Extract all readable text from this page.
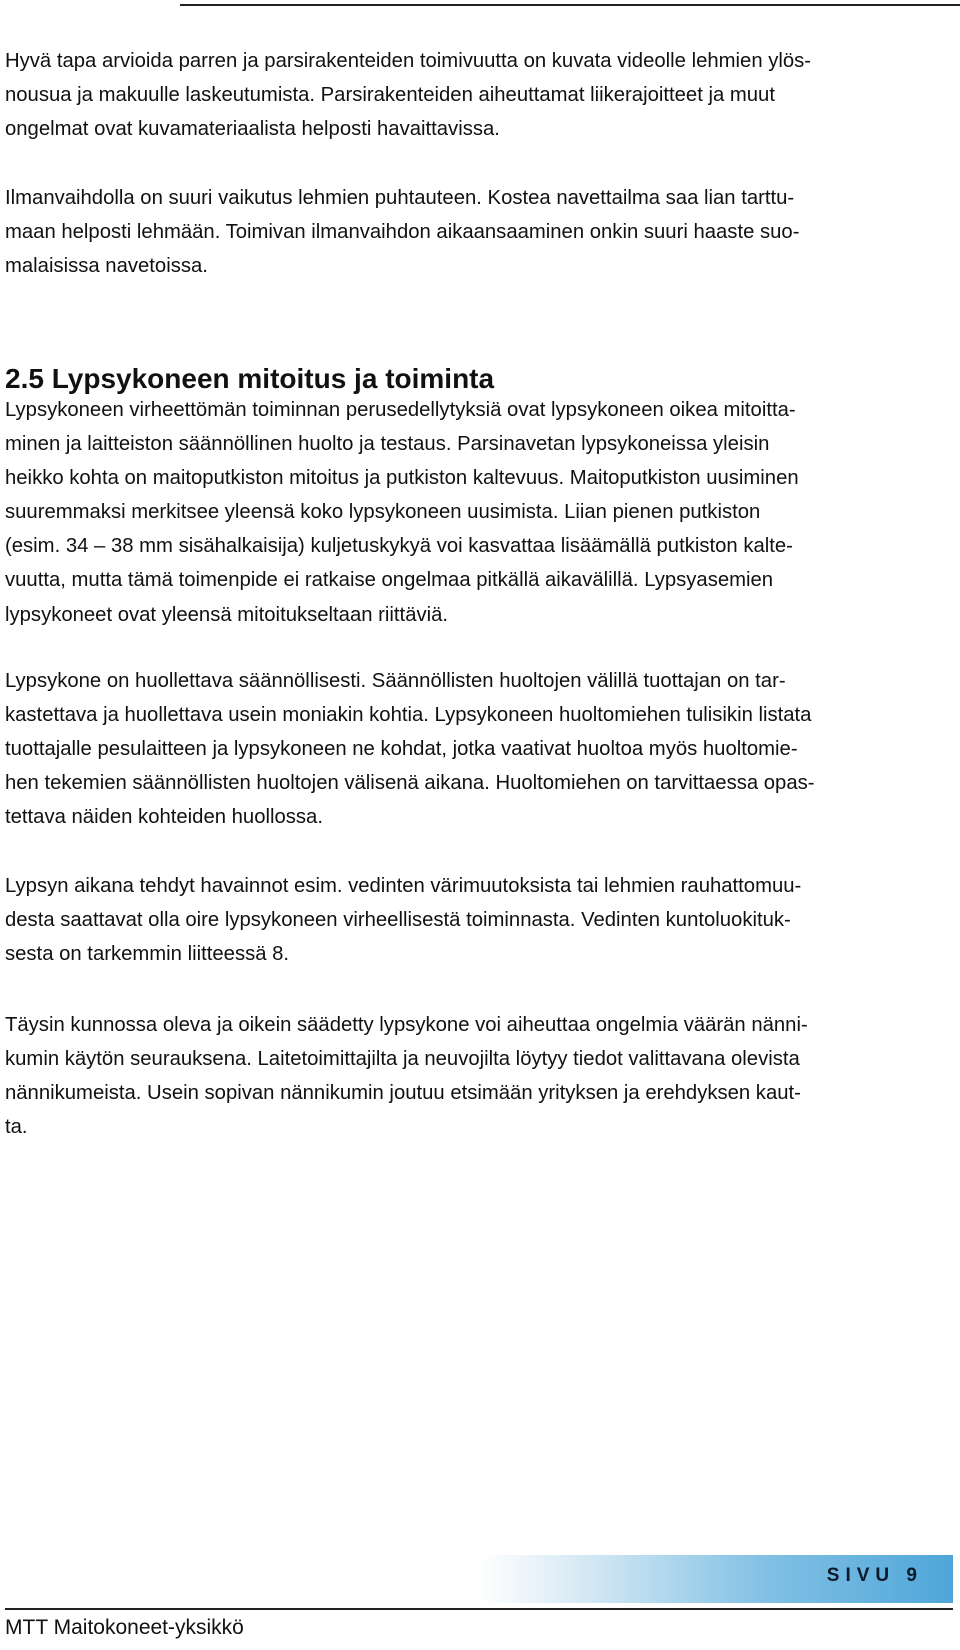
Hyvä tapa arvioida parren ja parsirakenteiden toimivuutta on kuvata videolle lehmien ylös-
nousua ja makuulle laskeutumista. Parsirakenteiden aiheuttamat liikerajoitteet ja muut
ongelmat ovat kuvamateriaalista helposti havaittavissa.

Ilmanvaihdolla on suuri vaikutus lehmien puhtauteen. Kostea navettailma saa lian tarttu-
maan helposti lehmään. Toimivan ilmanvaihdon aikaansaaminen onkin suuri haaste suo-
malaisissa navetoissa.

2.5 Lypsykoneen mitoitus ja toiminta

Lypsykoneen virheettömän toiminnan perusedellytyksiä ovat lypsykoneen oikea mitoitta-
minen ja laitteiston säännöllinen huolto ja testaus. Parsinavetan lypsykoneissa yleisin
heikko kohta on maitoputkiston mitoitus ja putkiston kaltevuus. Maitoputkiston uusiminen
suuremmaksi merkitsee yleensä koko lypsykoneen uusimista. Liian pienen putkiston
(esim. 34 – 38 mm sisähalkaisija) kuljetuskykyä voi kasvattaa lisäämällä putkiston kalte-
vuutta, mutta tämä toimenpide ei ratkaise ongelmaa pitkällä aikavälillä. Lypsyasemien
lypsykoneet ovat yleensä mitoitukseltaan riittäviä.

Lypsykone on huollettava säännöllisesti. Säännöllisten huoltojen välillä tuottajan on tar-
kastettava ja huollettava usein moniakin kohtia. Lypsykoneen huoltomiehen tulisikin listata
tuottajalle pesulaitteen ja lypsykoneen ne kohdat, jotka vaativat huoltoa myös huoltomie-
hen tekemien säännöllisten huoltojen välisenä aikana. Huoltomiehen on tarvittaessa opas-
tettava näiden kohteiden huollossa.

Lypsyn aikana tehdyt havainnot esim. vedinten värimuutoksista tai lehmien rauhattomuu-
desta saattavat olla oire lypsykoneen virheellisestä toiminnasta. Vedinten kuntoluokituk-
sesta on tarkemmin liitteessä 8.

Täysin kunnossa oleva ja oikein säädetty lypsykone voi aiheuttaa ongelmia väärän nänni-
kumin käytön seurauksena. Laitetoimittajilta ja neuvojilta löytyy tiedot valittavana olevista
nännikumeista. Usein sopivan nännikumin joutuu etsimään yrityksen ja erehdyksen kaut-
ta.

SIVU 9
MTT Maitokoneet-yksikkö
